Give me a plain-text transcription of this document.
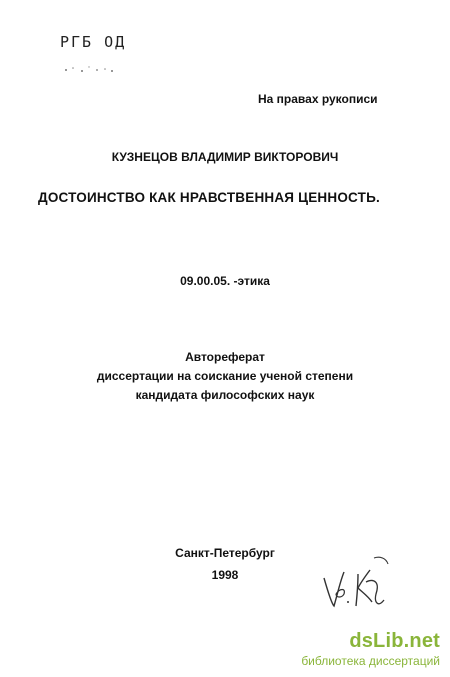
РГБ ОД
На правах рукописи
КУЗНЕЦОВ ВЛАДИМИР ВИКТОРОВИЧ
ДОСТОИНСТВО КАК НРАВСТВЕННАЯ ЦЕННОСТЬ.
09.00.05. -этика
Автореферат
диссертации на соискание ученой степени
кандидата философских наук
Санкт-Петербург
1998
dsLib.net
библиотека диссертаций
